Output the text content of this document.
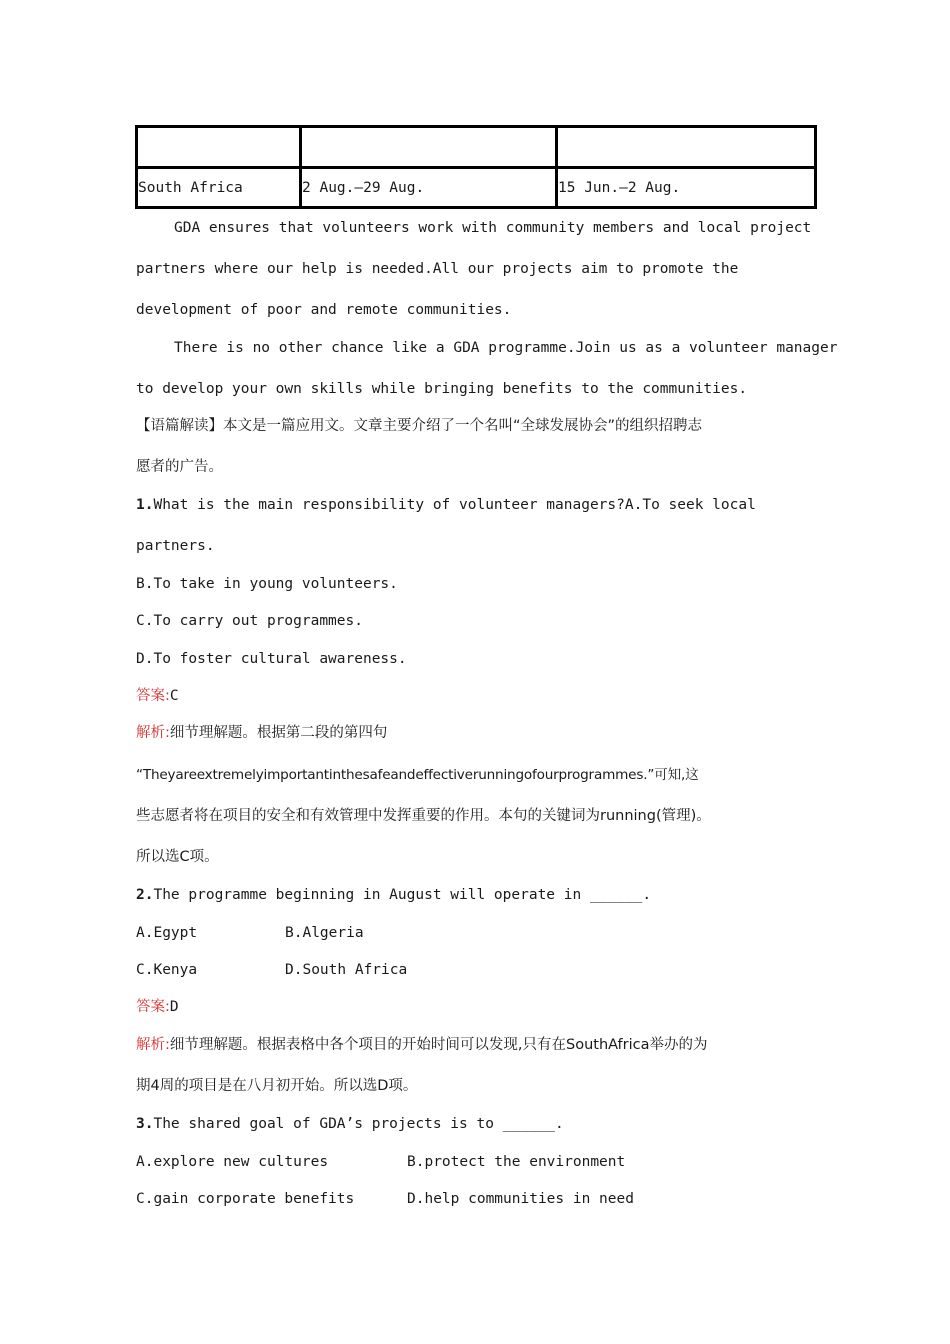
South Africa	2 Aug.—29 Aug.	15 Jun.—2 Aug.
GDA ensures that volunteers work with community members and local project
partners where our help is needed.All our projects aim to promote the
development of poor and remote communities.
There is no other chance like a GDA programme.Join us as a volunteer manager
to develop your own skills while bringing benefits to the communities.
【语篇解读】本文是一篇应用文。文章主要介绍了一个名叫“全球发展协会”的组织招聘志
愿者的广告。
1.What is the main responsibility of volunteer managers?A.To seek local
partners.
B.To take in young volunteers.
C.To carry out programmes.
D.To foster cultural awareness.
答案:C
解析:细节理解题。根据第二段的第四句
“Theyareextremelyimportantinthesafeandeffectiverunningofourprogrammes.”可知,这
些志愿者将在项目的安全和有效管理中发挥重要的作用。本句的关键词为running(管理)。
所以选C项。
2.The programme beginning in August will operate in ______.
A.Egypt	B.Algeria
C.Kenya	D.South Africa
答案:D
解析:细节理解题。根据表格中各个项目的开始时间可以发现,只有在SouthAfrica举办的为
期4周的项目是在八月初开始。所以选D项。
3.The shared goal of GDA’s projects is to ______.
A.explore new cultures	B.protect the environment
C.gain corporate benefits	D.help communities in need
